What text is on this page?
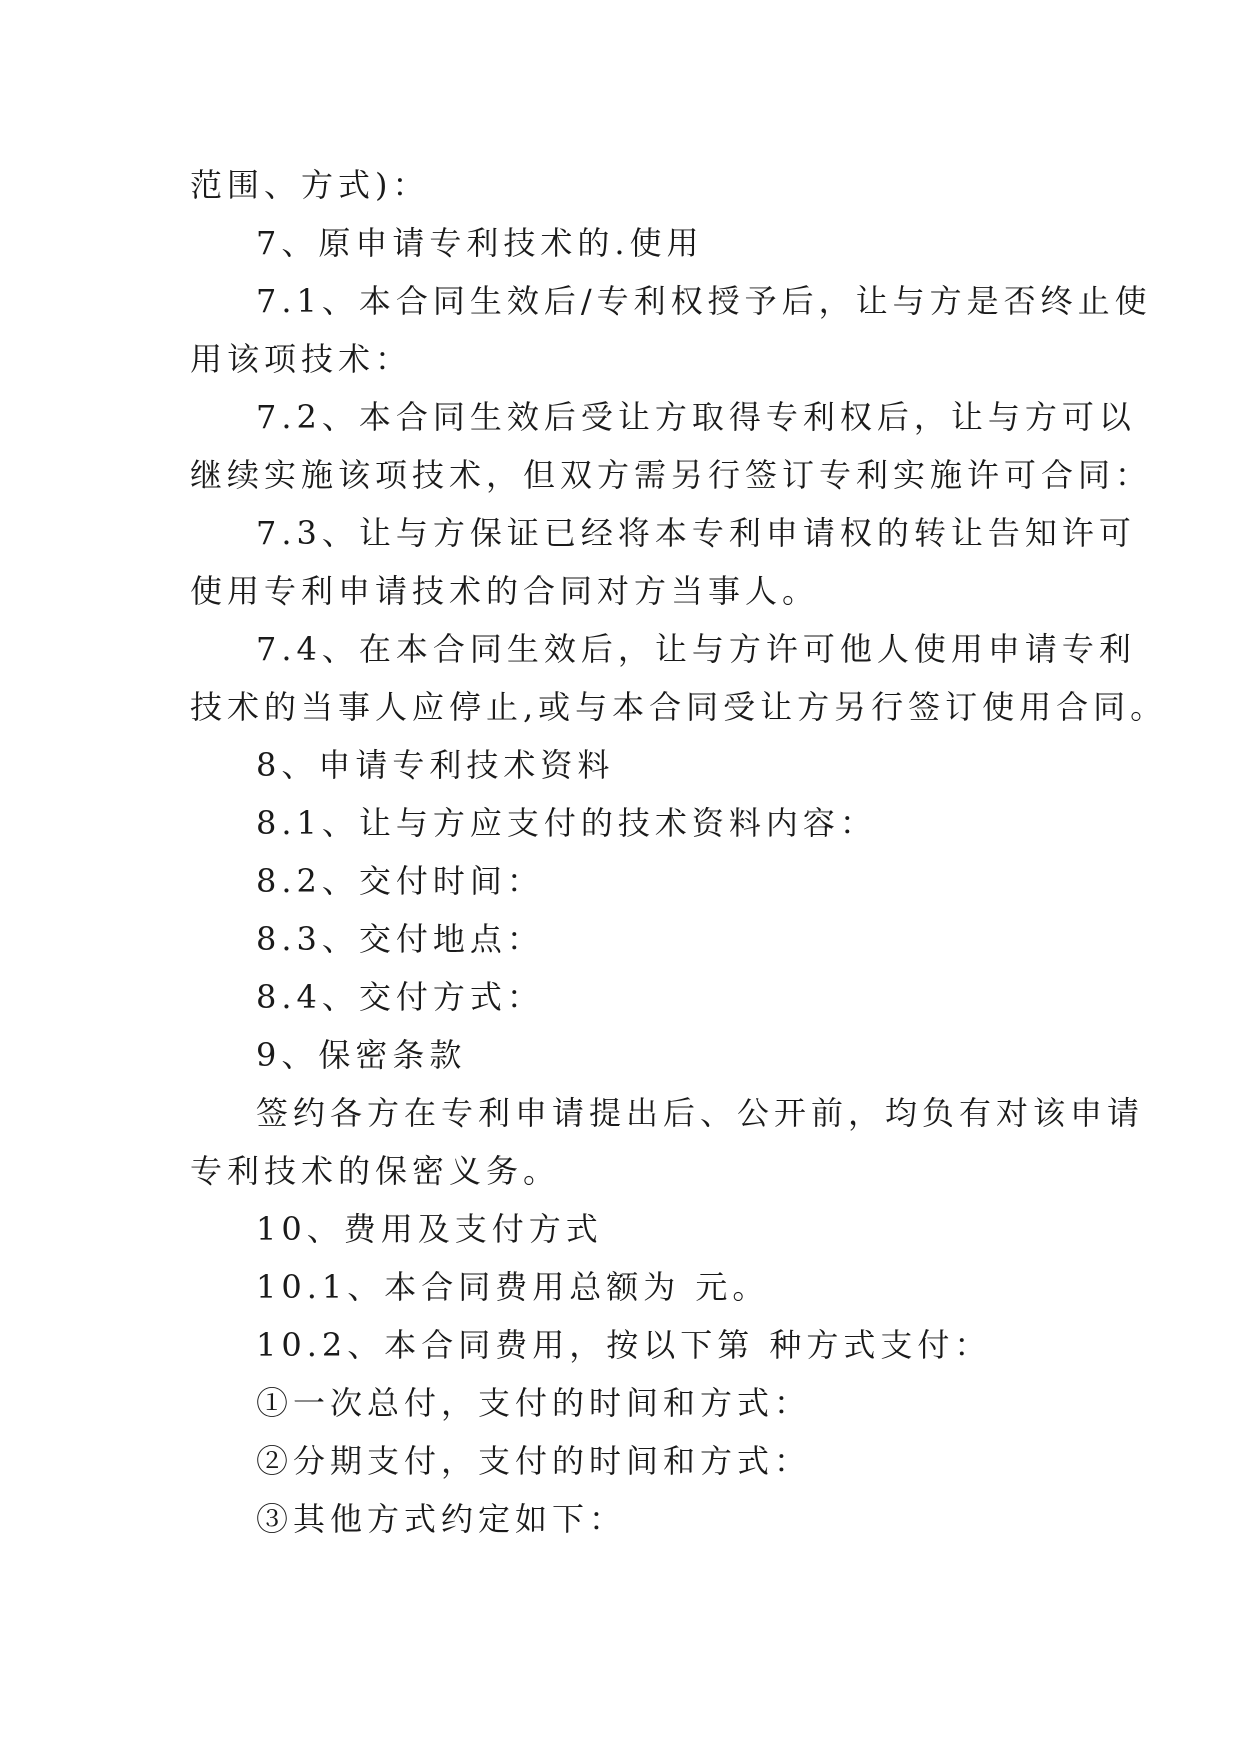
范围、方式)：
7、原申请专利技术的.使用
7.1、本合同生效后/专利权授予后，让与方是否终止使
用该项技术：
7.2、本合同生效后受让方取得专利权后，让与方可以
继续实施该项技术，但双方需另行签订专利实施许可合同：
7.3、让与方保证已经将本专利申请权的转让告知许可
使用专利申请技术的合同对方当事人。
7.4、在本合同生效后，让与方许可他人使用申请专利
技术的当事人应停止,或与本合同受让方另行签订使用合同。
8、申请专利技术资料
8.1、让与方应支付的技术资料内容：
8.2、交付时间：
8.3、交付地点：
8.4、交付方式：
9、保密条款
签约各方在专利申请提出后、公开前，均负有对该申请
专利技术的保密义务。
10、费用及支付方式
10.1、本合同费用总额为 元。
10.2、本合同费用，按以下第 种方式支付：
①一次总付，支付的时间和方式：
②分期支付，支付的时间和方式：
③其他方式约定如下：
